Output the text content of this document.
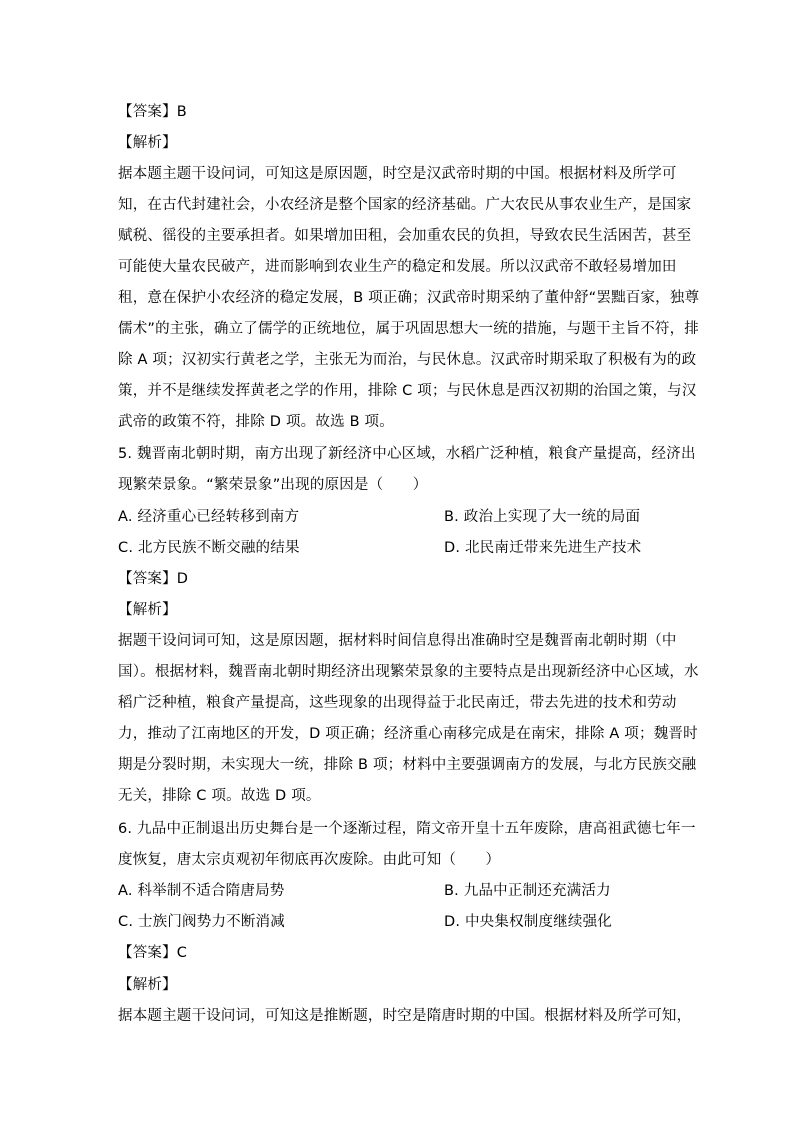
【答案】B
【解析】
据本题主题干设问词，可知这是原因题，时空是汉武帝时期的中国。根据材料及所学可
知，在古代封建社会，小农经济是整个国家的经济基础。广大农民从事农业生产，是国家
赋税、徭役的主要承担者。如果增加田租，会加重农民的负担，导致农民生活困苦，甚至
可能使大量农民破产，进而影响到农业生产的稳定和发展。所以汉武帝不敢轻易增加田
租，意在保护小农经济的稳定发展，B 项正确；汉武帝时期采纳了董仲舒“罢黜百家，独尊
儒术”的主张，确立了儒学的正统地位，属于巩固思想大一统的措施，与题干主旨不符，排
除 A 项；汉初实行黄老之学，主张无为而治，与民休息。汉武帝时期采取了积极有为的政
策，并不是继续发挥黄老之学的作用，排除 C 项；与民休息是西汉初期的治国之策，与汉
武帝的政策不符，排除 D 项。故选 B 项。
5. 魏晋南北朝时期，南方出现了新经济中心区域，水稻广泛种植，粮食产量提高，经济出
现繁荣景象。“繁荣景象”出现的原因是（　　）
A. 经济重心已经转移到南方	B. 政治上实现了大一统的局面
C. 北方民族不断交融的结果	D. 北民南迁带来先进生产技术
【答案】D
【解析】
据题干设问词可知，这是原因题，据材料时间信息得出准确时空是魏晋南北朝时期（中
国）。根据材料，魏晋南北朝时期经济出现繁荣景象的主要特点是出现新经济中心区域，水
稻广泛种植，粮食产量提高，这些现象的出现得益于北民南迁，带去先进的技术和劳动
力，推动了江南地区的开发，D 项正确；经济重心南移完成是在南宋，排除 A 项；魏晋时
期是分裂时期，未实现大一统，排除 B 项；材料中主要强调南方的发展，与北方民族交融
无关，排除 C 项。故选 D 项。
6. 九品中正制退出历史舞台是一个逐渐过程，隋文帝开皇十五年废除，唐高祖武德七年一
度恢复，唐太宗贞观初年彻底再次废除。由此可知（　　）
A. 科举制不适合隋唐局势	B. 九品中正制还充满活力
C. 士族门阀势力不断消减	D. 中央集权制度继续强化
【答案】C
【解析】
据本题主题干设问词，可知这是推断题，时空是隋唐时期的中国。根据材料及所学可知，
